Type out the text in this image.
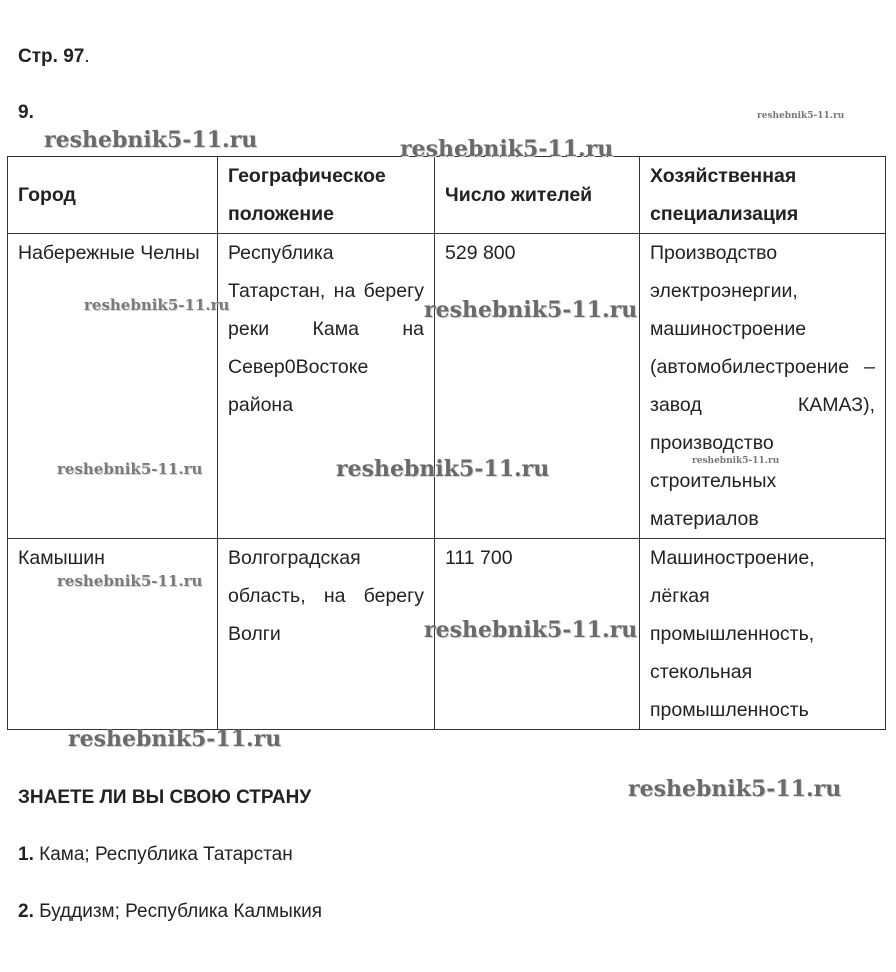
Стр. 97.
9.
Город	Географическое положение	Число жителей	Хозяйственная специализация
Набережные Челны	Республика Татарстан, на берегу реки Кама на Север0Востоке района	529 800	Производство электроэнергии, машиностроение (автомобилестроение – завод КАМАЗ), производство строительных материалов
Камышин	Волгоградская область, на берегу Волги	111 700	Машиностроение, лёгкая промышленность, стекольная промышленность
ЗНАЕТЕ ЛИ ВЫ СВОЮ СТРАНУ
1. Кама; Республика Татарстан
2. Буддизм; Республика Калмыкия
reshebnik5-11.ru	reshebnik5-11.ru
reshebnik5-11.ru
reshebnik5-11.ru	reshebnik5-11.ru
reshebnik5-11.ru	reshebnik5-11.ru	reshebnik5-11.ru
reshebnik5-11.ru
reshebnik5-11.ru
reshebnik5-11.ru
reshebnik5-11.ru
